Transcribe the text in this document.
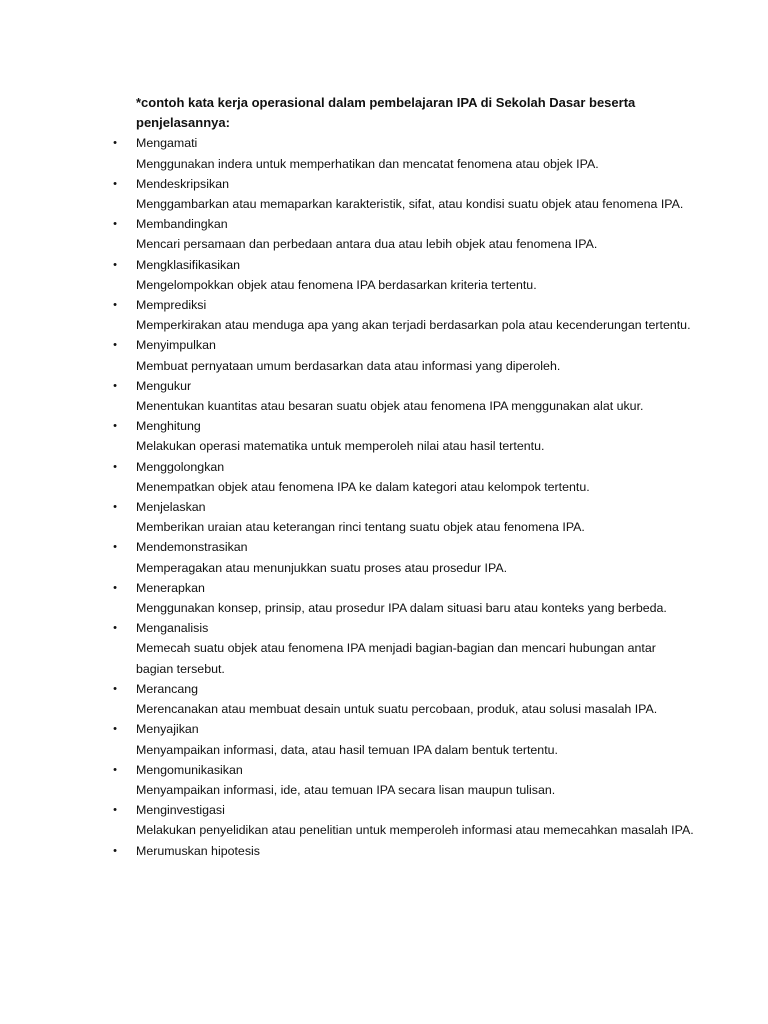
*contoh kata kerja operasional dalam pembelajaran IPA di Sekolah Dasar beserta penjelasannya:

• Mengamati
Menggunakan indera untuk memperhatikan dan mencatat fenomena atau objek IPA.
• Mendeskripsikan
Menggambarkan atau memaparkan karakteristik, sifat, atau kondisi suatu objek atau fenomena IPA.
• Membandingkan
Mencari persamaan dan perbedaan antara dua atau lebih objek atau fenomena IPA.
• Mengklasifikasikan
Mengelompokkan objek atau fenomena IPA berdasarkan kriteria tertentu.
• Memprediksi
Memperkirakan atau menduga apa yang akan terjadi berdasarkan pola atau kecenderungan tertentu.
• Menyimpulkan
Membuat pernyataan umum berdasarkan data atau informasi yang diperoleh.
• Mengukur
Menentukan kuantitas atau besaran suatu objek atau fenomena IPA menggunakan alat ukur.
• Menghitung
Melakukan operasi matematika untuk memperoleh nilai atau hasil tertentu.
• Menggolongkan
Menempatkan objek atau fenomena IPA ke dalam kategori atau kelompok tertentu.
• Menjelaskan
Memberikan uraian atau keterangan rinci tentang suatu objek atau fenomena IPA.
• Mendemonstrasikan
Memperagakan atau menunjukkan suatu proses atau prosedur IPA.
• Menerapkan
Menggunakan konsep, prinsip, atau prosedur IPA dalam situasi baru atau konteks yang berbeda.
• Menganalisis
Memecah suatu objek atau fenomena IPA menjadi bagian-bagian dan mencari hubungan antar bagian tersebut.
• Merancang
Merencanakan atau membuat desain untuk suatu percobaan, produk, atau solusi masalah IPA.
• Menyajikan
Menyampaikan informasi, data, atau hasil temuan IPA dalam bentuk tertentu.
• Mengomunikasikan
Menyampaikan informasi, ide, atau temuan IPA secara lisan maupun tulisan.
• Menginvestigasi
Melakukan penyelidikan atau penelitian untuk memperoleh informasi atau memecahkan masalah IPA.
• Merumuskan hipotesis
